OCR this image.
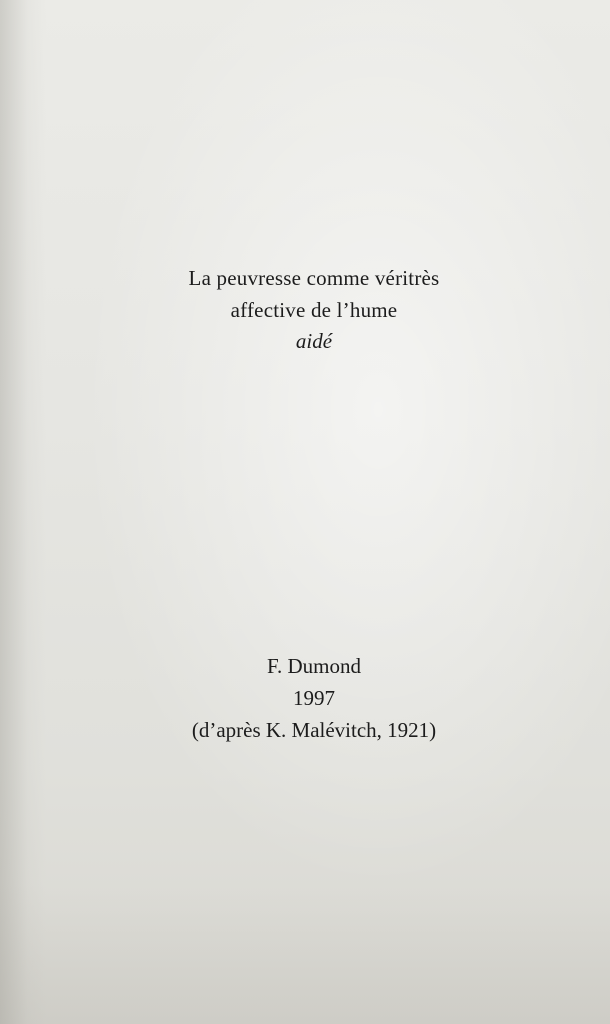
La peuvresse comme véritrès
affective de l’hume
aidé
F. Dumond
1997
(d’après K. Malévitch, 1921)
